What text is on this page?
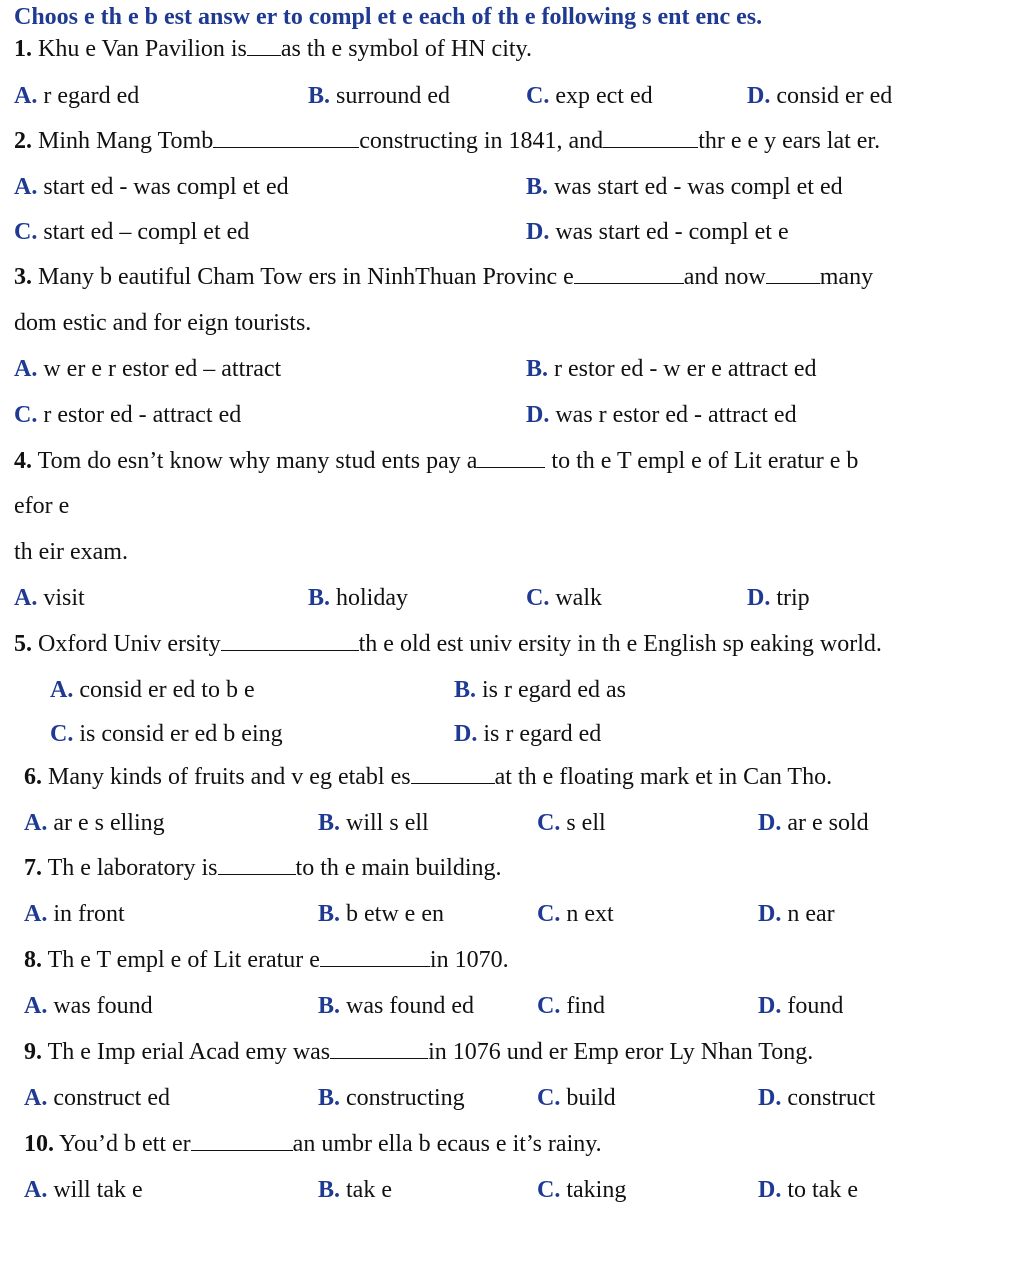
Choos e th e b est answ er to compl et e each of th e following s ent enc es.
1. Khu e Van Pavilion is as th e symbol of HN city.
A. r egard ed	B. surround ed	C. exp ect ed	D. consid er ed
2. Minh Mang Tomb	constructing in 1841, and	thr e e y ears lat er.
A. start ed - was compl et ed	B. was start ed - was compl et ed
C. start ed – compl et ed	D. was start ed - compl et e
3. Many b eautiful Cham Tow ers in NinhThuan Provinc e	and now many
dom estic and for eign tourists.
A. w er e r estor ed – attract	B. r estor ed - w er e attract ed
C. r estor ed - attract ed	D. was r estor ed - attract ed
4. Tom do esn’t know why many stud ents pay a	to th e T empl e of Lit eratur e b
efor e
th eir exam.
A. visit	B. holiday	C. walk	D. trip
5. Oxford Univ ersity	th e old est univ ersity in th e English sp eaking world.
A. consid er ed to b e	B. is r egard ed as
C. is consid er ed b eing	D. is r egard ed
6. Many kinds of fruits and v eg etabl es	at th e floating mark et in Can Tho.
A. ar e s elling	B. will s ell	C. s ell	D. ar e sold
7. Th e laboratory is	to th e main building.
A. in front	B. b etw e en	C. n ext	D. n ear
8. Th e T empl e of Lit eratur e	in 1070.
A. was found	B. was found ed	C. find	D. found
9. Th e Imp erial Acad emy was	in 1076 und er Emp eror Ly Nhan Tong.
A. construct ed	B. constructing	C. build	D. construct
10. You’d b ett er	an umbr ella b ecaus e it’s rainy.
A. will tak e	B. tak e	C. taking	D. to tak e
